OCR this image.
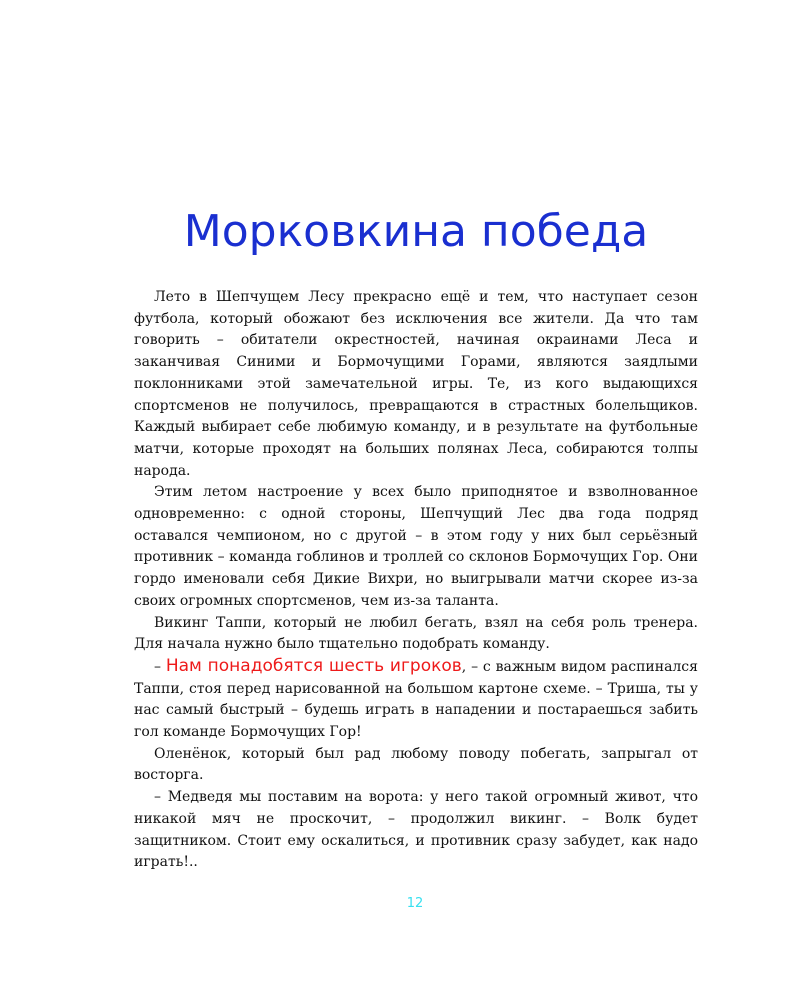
Морковкина победа

Лето в Шепчущем Лесу прекрасно ещё и тем, что наступает сезон футбола, который обожают без исключения все жители. Да что там говорить – обитатели окрестностей, начиная окраинами Леса и заканчивая Синими и Бормочущими Горами, являются заядлыми поклонниками этой замечательной игры. Те, из кого выдающихся спортсменов не получилось, превращаются в страстных болельщиков. Каждый выбирает себе любимую команду, и в результате на футбольные матчи, которые проходят на больших полянах Леса, собираются толпы народа.

Этим летом настроение у всех было приподнятое и взволнованное одновременно: с одной стороны, Шепчущий Лес два года подряд оставался чемпионом, но с другой – в этом году у них был серьёзный противник – команда гоблинов и троллей со склонов Бормочущих Гор. Они гордо именовали себя Дикие Вихри, но выигрывали матчи скорее из-за своих огромных спортсменов, чем из-за таланта.

Викинг Таппи, который не любил бегать, взял на себя роль тренера. Для начала нужно было тщательно подобрать команду.

– Нам понадобятся шесть игроков, – с важным видом распинался Таппи, стоя перед нарисованной на большом картоне схеме. – Триша, ты у нас самый быстрый – будешь играть в нападении и постараешься забить гол команде Бормочущих Гор!

Оленёнок, который был рад любому поводу побегать, запрыгал от восторга.

– Медведя мы поставим на ворота: у него такой огромный живот, что никакой мяч не проскочит, – продолжил викинг. – Волк будет защитником. Стоит ему оскалиться, и противник сразу забудет, как надо играть!..

12
